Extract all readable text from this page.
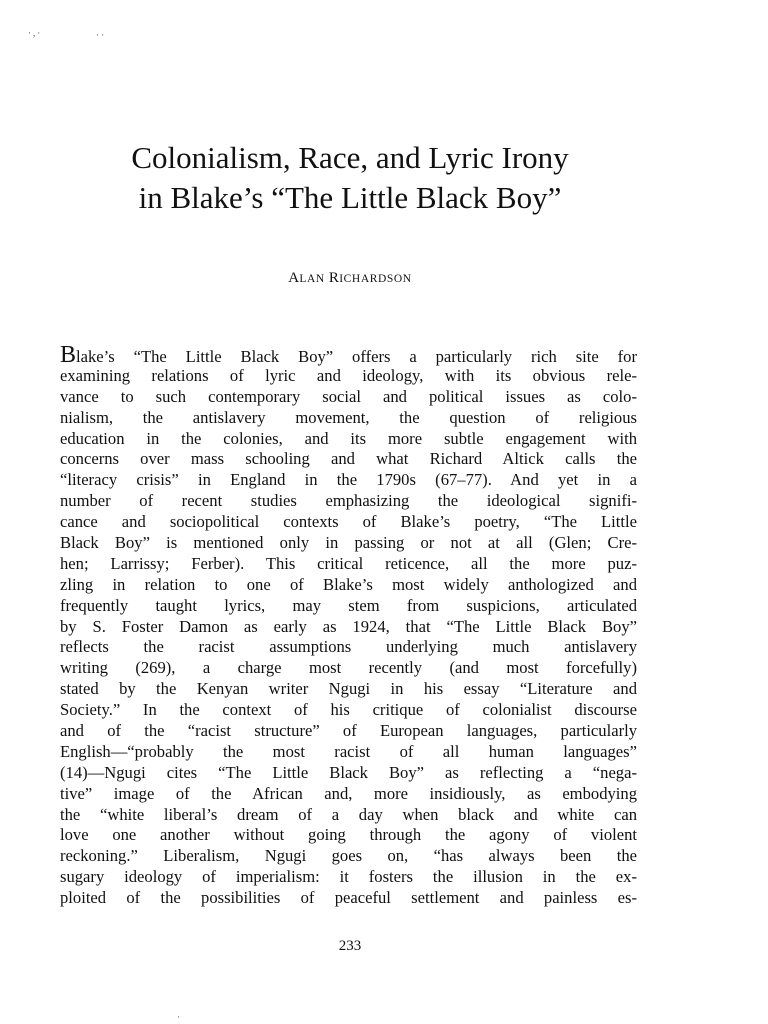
·,·	· ·
·
Colonialism, Race, and Lyric Irony
in Blake’s “The Little Black Boy”
ALAN RICHARDSON
Blake’s “The Little Black Boy” offers a particularly rich site for
examining relations of lyric and ideology, with its obvious rele-
vance to such contemporary social and political issues as colo-
nialism, the antislavery movement, the question of religious
education in the colonies, and its more subtle engagement with
concerns over mass schooling and what Richard Altick calls the
“literacy crisis” in England in the 1790s (67–77). And yet in a
number of recent studies emphasizing the ideological signifi-
cance and sociopolitical contexts of Blake’s poetry, “The Little
Black Boy” is mentioned only in passing or not at all (Glen; Cre-
hen; Larrissy; Ferber). This critical reticence, all the more puz-
zling in relation to one of Blake’s most widely anthologized and
frequently taught lyrics, may stem from suspicions, articulated
by S. Foster Damon as early as 1924, that “The Little Black Boy”
reflects the racist assumptions underlying much antislavery
writing (269), a charge most recently (and most forcefully)
stated by the Kenyan writer Ngugi in his essay “Literature and
Society.” In the context of his critique of colonialist discourse
and of the “racist structure” of European languages, particularly
English—“probably the most racist of all human languages”
(14)—Ngugi cites “The Little Black Boy” as reflecting a “nega-
tive” image of the African and, more insidiously, as embodying
the “white liberal’s dream of a day when black and white can
love one another without going through the agony of violent
reckoning.” Liberalism, Ngugi goes on, “has always been the
sugary ideology of imperialism: it fosters the illusion in the ex-
ploited of the possibilities of peaceful settlement and painless es-
233
